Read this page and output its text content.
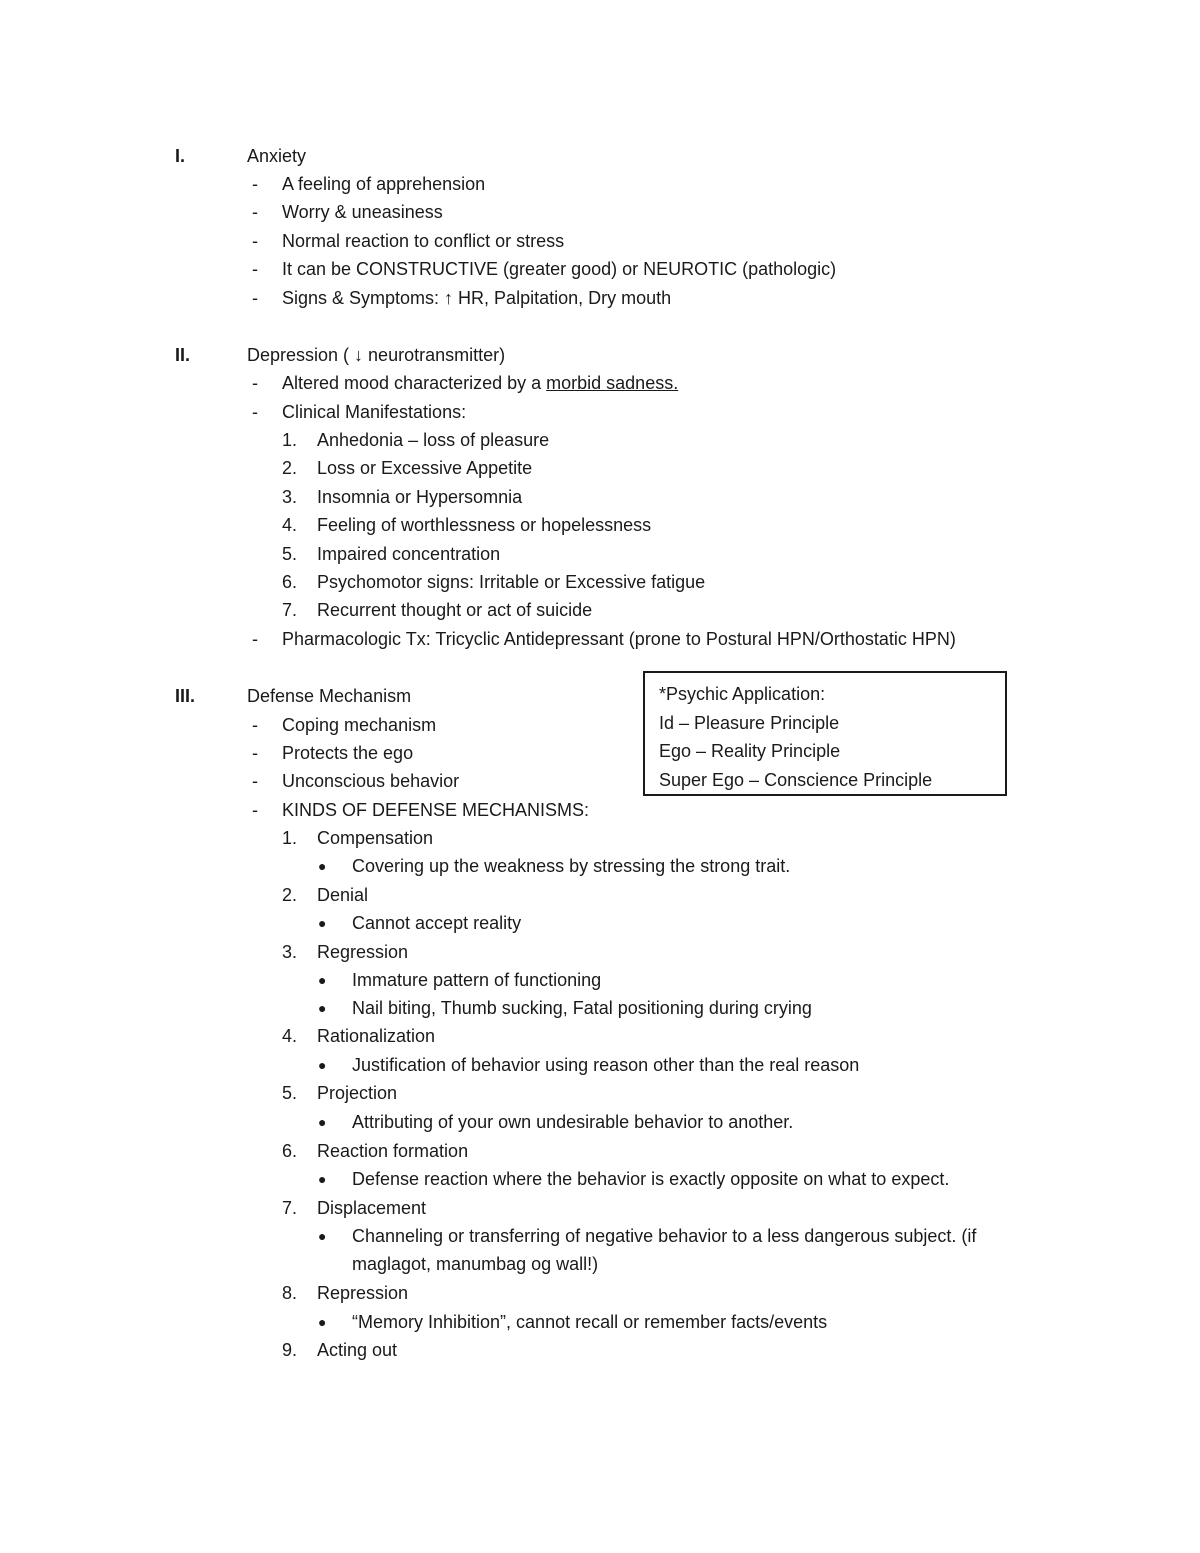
I.	Anxiety
- A feeling of apprehension
- Worry & uneasiness
- Normal reaction to conflict or stress
- It can be CONSTRUCTIVE (greater good) or NEUROTIC (pathologic)
- Signs & Symptoms: ↑ HR, Palpitation, Dry mouth
II.	Depression ( ↓ neurotransmitter)
- Altered mood characterized by a morbid sadness.
- Clinical Manifestations:
1. Anhedonia – loss of pleasure
2. Loss or Excessive Appetite
3. Insomnia or Hypersomnia
4. Feeling of worthlessness or hopelessness
5. Impaired concentration
6. Psychomotor signs: Irritable or Excessive fatigue
7. Recurrent thought or act of suicide
- Pharmacologic Tx: Tricyclic Antidepressant (prone to Postural HPN/Orthostatic HPN)
*Psychic Application:
Id – Pleasure Principle
Ego – Reality Principle
Super Ego – Conscience Principle
III.	Defense Mechanism
- Coping mechanism
- Protects the ego
- Unconscious behavior
- KINDS OF DEFENSE MECHANISMS:
1. Compensation
● Covering up the weakness by stressing the strong trait.
2. Denial
● Cannot accept reality
3. Regression
● Immature pattern of functioning
● Nail biting, Thumb sucking, Fatal positioning during crying
4. Rationalization
● Justification of behavior using reason other than the real reason
5. Projection
● Attributing of your own undesirable behavior to another.
6. Reaction formation
● Defense reaction where the behavior is exactly opposite on what to expect.
7. Displacement
● Channeling or transferring of negative behavior to a less dangerous subject. (if
maglagot, manumbag og wall!)
8. Repression
● “Memory Inhibition”, cannot recall or remember facts/events
9. Acting out
